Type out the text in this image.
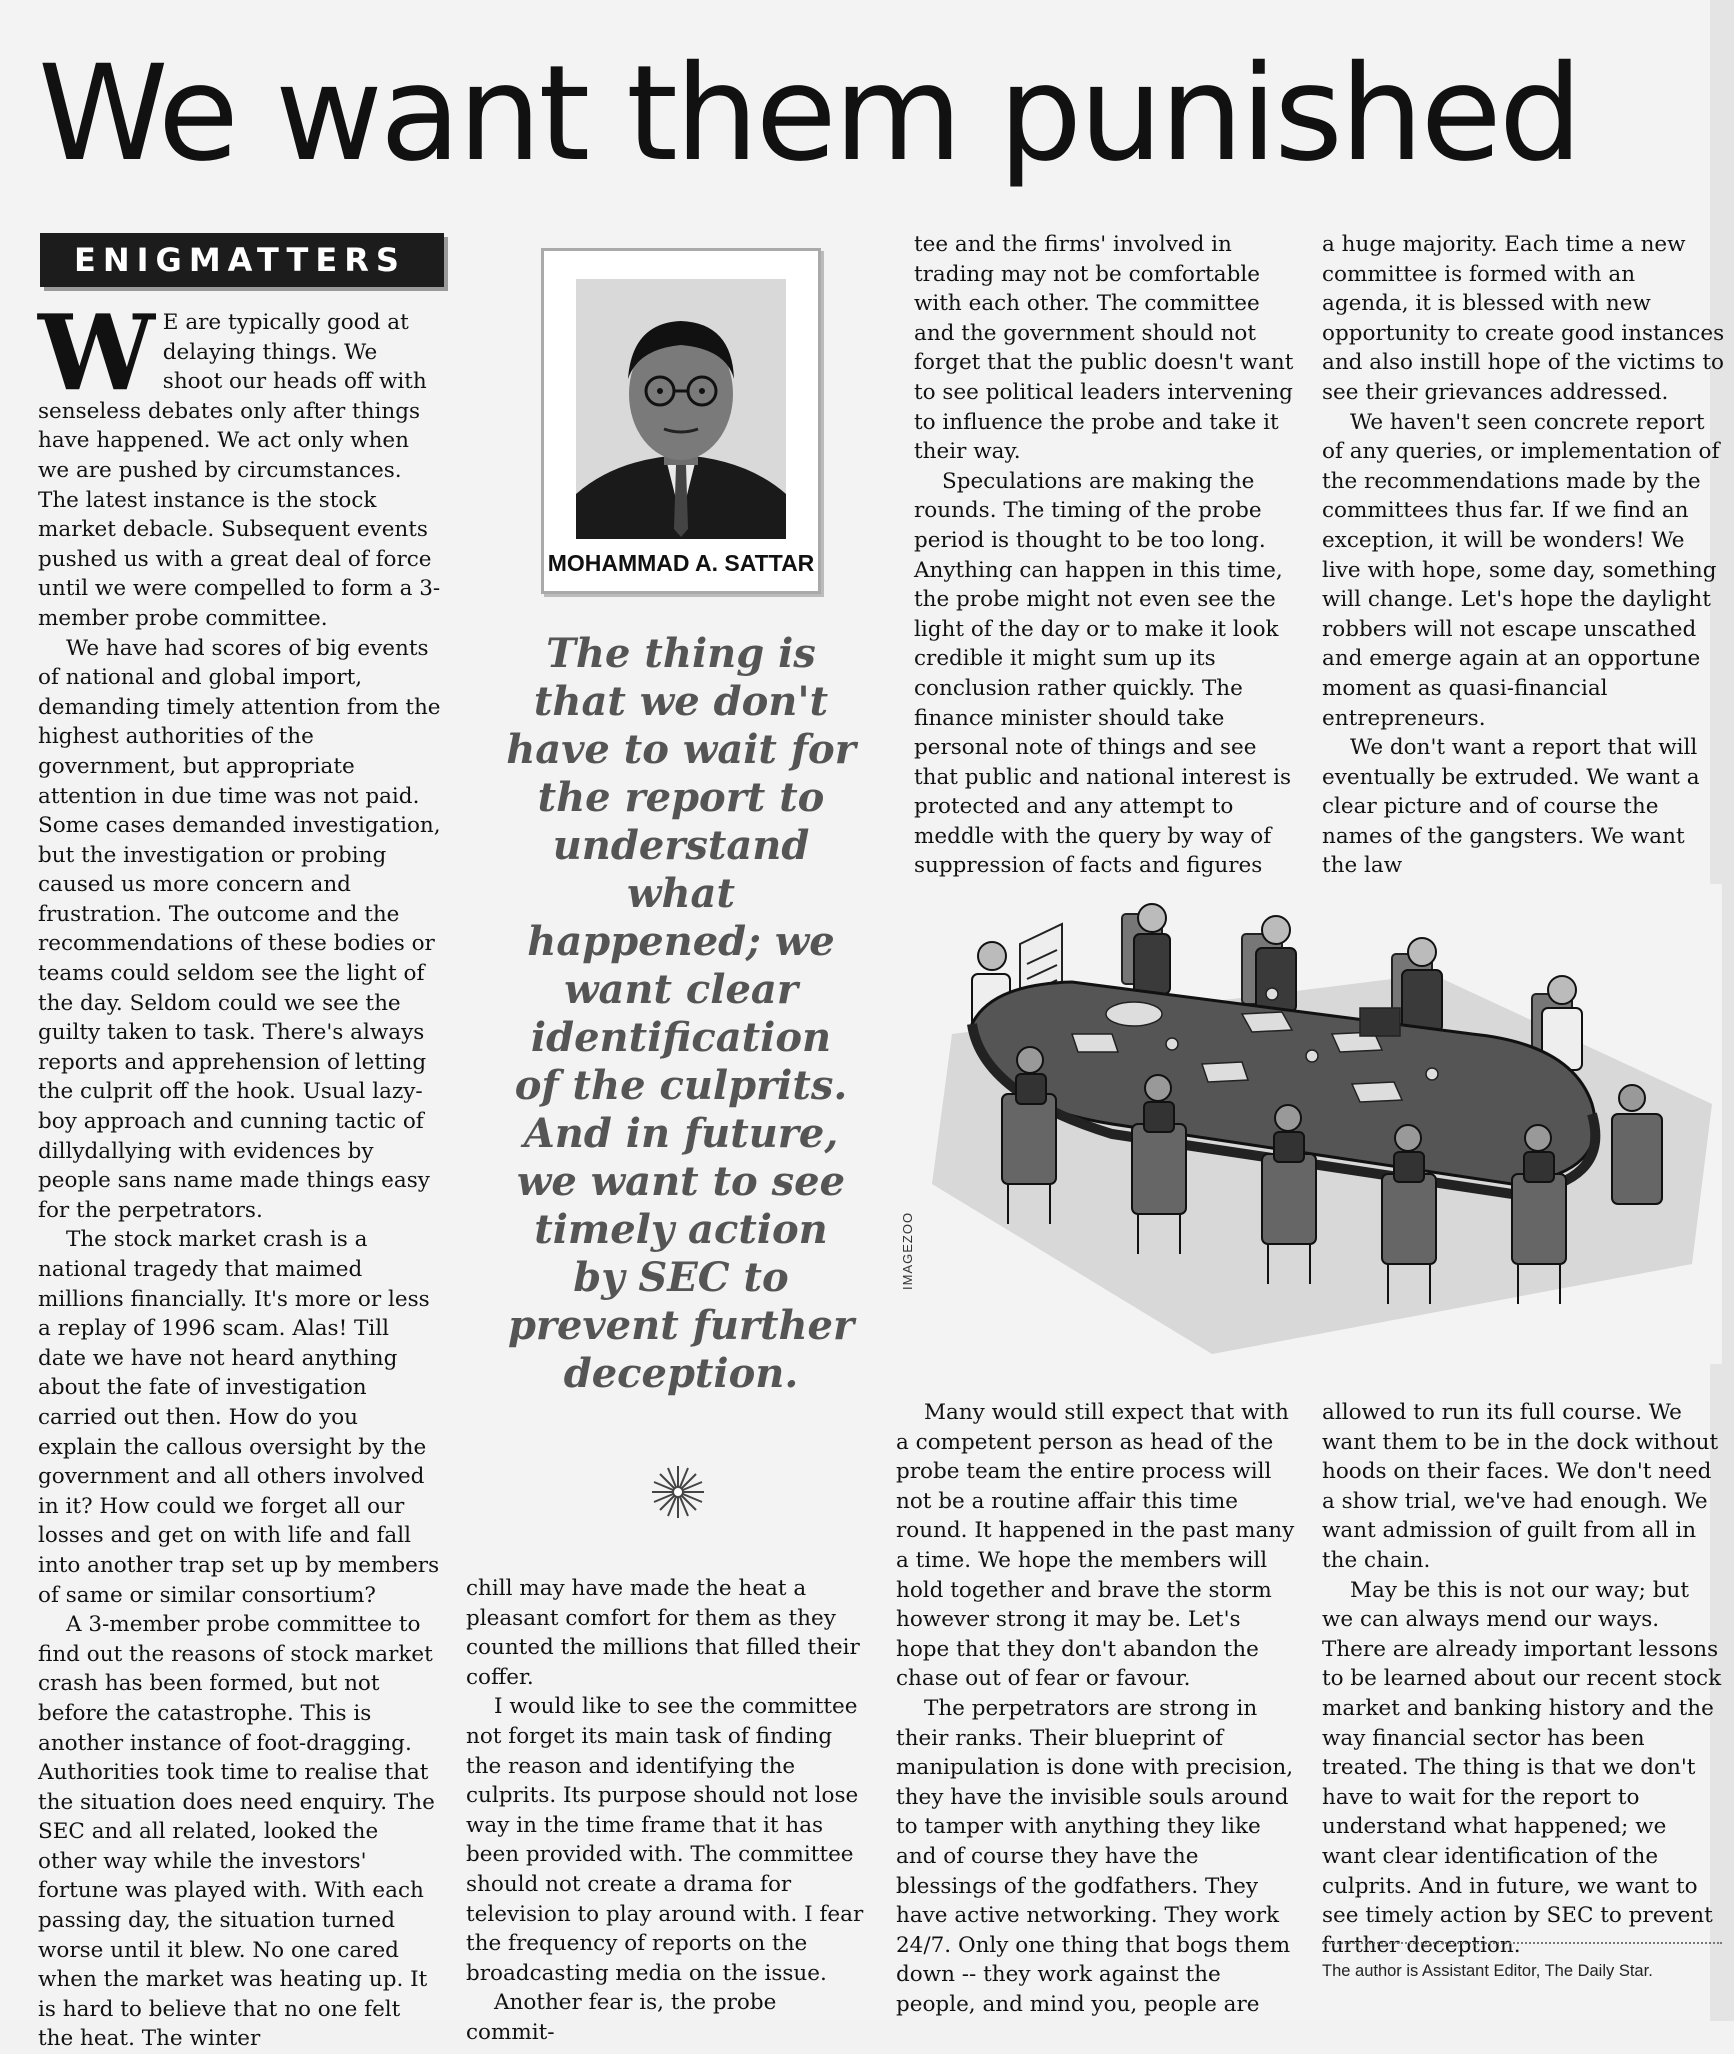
We want them punished
ENIGMATTERS

W E are typically good at delaying things. We shoot our heads off with senseless debates only after things have happened. We act only when we are pushed by circumstances. The latest instance is the stock market debacle. Subsequent events pushed us with a great deal of force until we were compelled to form a 3-member probe committee.

We have had scores of big events of national and global import, demanding timely attention from the highest authorities of the government, but appropriate attention in due time was not paid. Some cases demanded investigation, but the investigation or probing caused us more concern and frustration. The outcome and the recommendations of these bodies or teams could seldom see the light of the day. Seldom could we see the guilty taken to task. There's always reports and apprehension of letting the culprit off the hook. Usual lazy-boy approach and cunning tactic of dillydallying with evidences by people sans name made things easy for the perpetrators.

The stock market crash is a national tragedy that maimed millions financially. It's more or less a replay of 1996 scam. Alas! Till date we have not heard anything about the fate of investigation carried out then. How do you explain the callous oversight by the government and all others involved in it? How could we forget all our losses and get on with life and fall into another trap set up by members of same or similar consortium?

A 3-member probe committee to find out the reasons of stock market crash has been formed, but not before the catastrophe. This is another instance of foot-dragging. Authorities took time to realise that the situation does need enquiry. The SEC and all related, looked the other way while the investors' fortune was played with. With each passing day, the situation turned worse until it blew. No one cared when the market was heating up. It is hard to believe that no one felt the heat. The winter

MOHAMMAD A. SATTAR
The thing is that we don't have to wait for the report to understand what happened; we want clear identification of the culprits. And in future, we want to see timely action by SEC to prevent further deception.

chill may have made the heat a pleasant comfort for them as they counted the millions that filled their coffer.

I would like to see the committee not forget its main task of finding the reason and identifying the culprits. Its purpose should not lose way in the time frame that it has been provided with. The committee should not create a drama for television to play around with. I fear the frequency of reports on the broadcasting media on the issue.

Another fear is, the probe commit-

tee and the firms' involved in trading may not be comfortable with each other. The committee and the government should not forget that the public doesn't want to see political leaders intervening to influence the probe and take it their way.

Speculations are making the rounds. The timing of the probe period is thought to be too long. Anything can happen in this time, the probe might not even see the light of the day or to make it look credible it might sum up its conclusion rather quickly. The finance minister should take personal note of things and see that public and national interest is protected and any attempt to meddle with the query by way of suppression of facts and figures

a huge majority. Each time a new committee is formed with an agenda, it is blessed with new opportunity to create good instances and also instill hope of the victims to see their grievances addressed.

We haven't seen concrete report of any queries, or implementation of the recommendations made by the committees thus far. If we find an exception, it will be wonders! We live with hope, some day, something will change. Let's hope the daylight robbers will not escape unscathed and emerge again at an opportune moment as quasi-financial entrepreneurs.

We don't want a report that will eventually be extruded. We want a clear picture and of course the names of the gangsters. We want the law

IMAGEZOO

Many would still expect that with a competent person as head of the probe team the entire process will not be a routine affair this time round. It happened in the past many a time. We hope the members will hold together and brave the storm however strong it may be. Let's hope that they don't abandon the chase out of fear or favour.

The perpetrators are strong in their ranks. Their blueprint of manipulation is done with precision, they have the invisible souls around to tamper with anything they like and of course they have the blessings of the godfathers. They have active networking. They work 24/7. Only one thing that bogs them down -- they work against the people, and mind you, people are

allowed to run its full course. We want them to be in the dock without hoods on their faces. We don't need a show trial, we've had enough. We want admission of guilt from all in the chain.

May be this is not our way; but we can always mend our ways. There are already important lessons to be learned about our recent stock market and banking history and the way financial sector has been treated. The thing is that we don't have to wait for the report to understand what happened; we want clear identification of the culprits. And in future, we want to see timely action by SEC to prevent further deception.

The author is Assistant Editor, The Daily Star.
